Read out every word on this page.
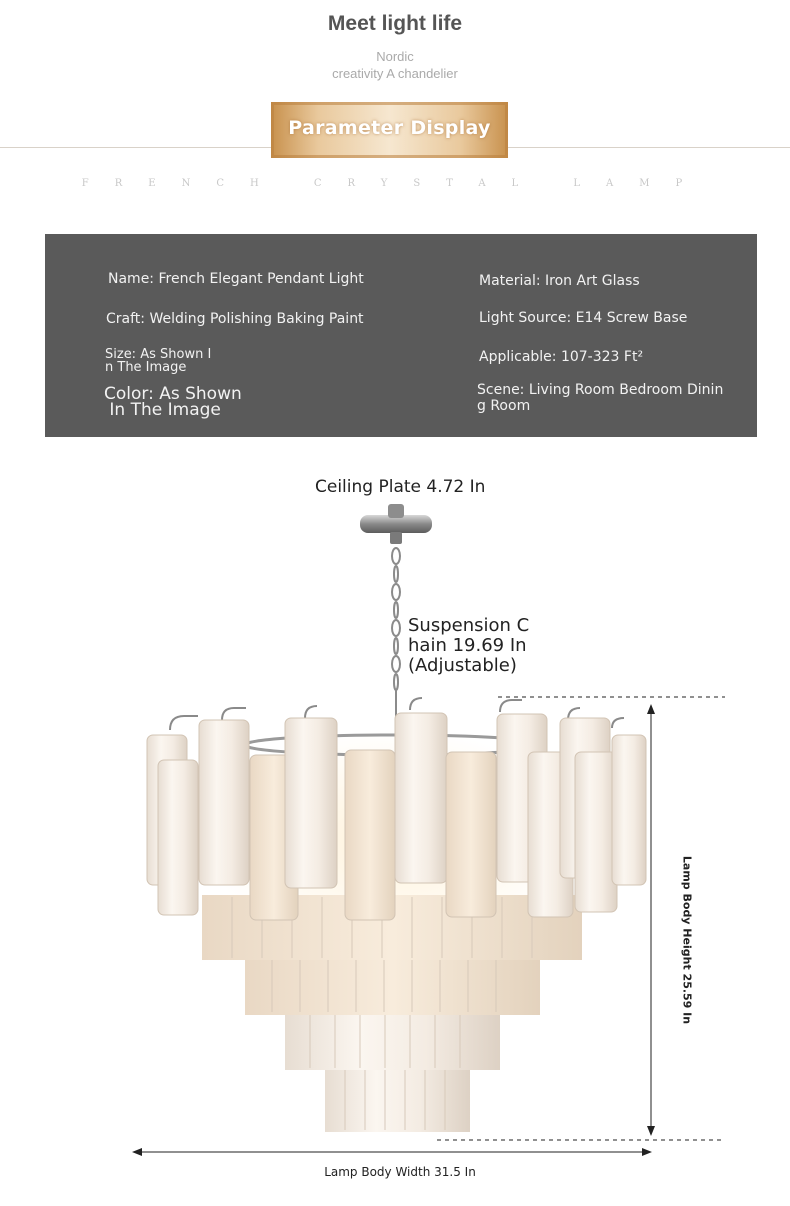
Meet light life
Nordic
creativity A chandelier
Parameter Display
FRENCH CRYSTAL LAMP
Name: French Elegant Pendant Light	Material: Iron Art Glass
Craft: Welding Polishing Baking Paint	Light Source: E14 Screw Base
Size: As Shown I
n The Image
Applicable: 107-323 Ft²
Color: As Shown
In The Image
Scene: Living Room Bedroom Dinin
g Room
Ceiling Plate 4.72 In
Suspension C
hain 19.69 In
(Adjustable)
Lamp Body Height 25.59 In
Lamp Body Width 31.5 In
